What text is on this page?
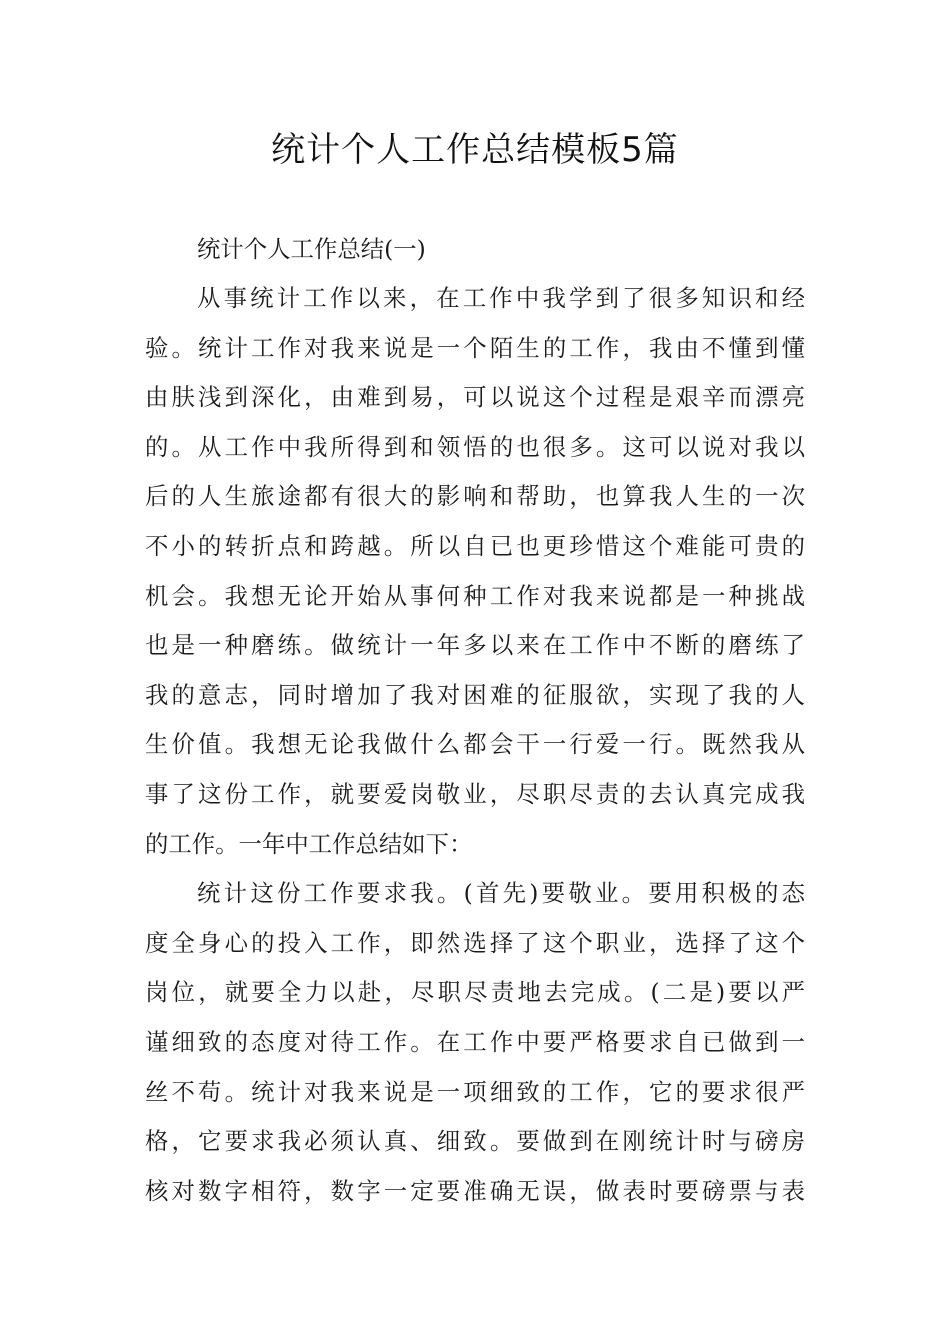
统计个人工作总结模板5篇

统计个人工作总结(一)

从事统计工作以来，在工作中我学到了很多知识和经

验。统计工作对我来说是一个陌生的工作，我由不懂到懂

由肤浅到深化，由难到易，可以说这个过程是艰辛而漂亮

的。从工作中我所得到和领悟的也很多。这可以说对我以

后的人生旅途都有很大的影响和帮助，也算我人生的一次

不小的转折点和跨越。所以自已也更珍惜这个难能可贵的

机会。我想无论开始从事何种工作对我来说都是一种挑战

也是一种磨练。做统计一年多以来在工作中不断的磨练了

我的意志，同时增加了我对困难的征服欲，实现了我的人

生价值。我想无论我做什么都会干一行爱一行。既然我从

事了这份工作，就要爱岗敬业，尽职尽责的去认真完成我

的工作。一年中工作总结如下：

统计这份工作要求我。(首先)要敬业。要用积极的态

度全身心的投入工作，即然选择了这个职业，选择了这个

岗位，就要全力以赴，尽职尽责地去完成。(二是)要以严

谨细致的态度对待工作。在工作中要严格要求自已做到一

丝不苟。统计对我来说是一项细致的工作，它的要求很严

格，它要求我必须认真、细致。要做到在刚统计时与磅房

核对数字相符，数字一定要准确无误，做表时要磅票与表
